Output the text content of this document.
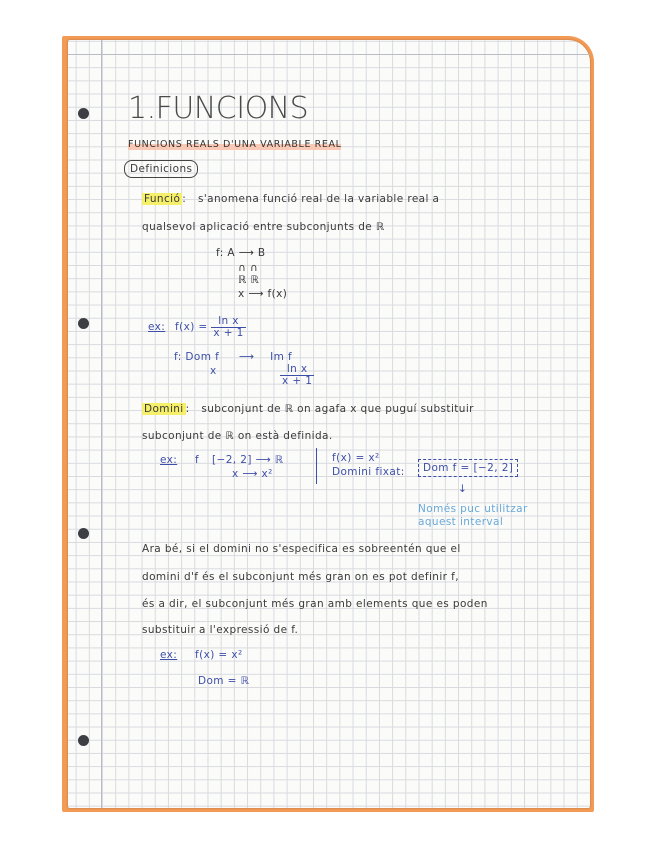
1.FUNCIONS
FUNCIONS REALS D'UNA VARIABLE REAL
Definicions
Funció : s'anomena funció real de la variable real a
qualsevol aplicació entre subconjunts de ℝ
f: A ⟶ B
∩ ∩
ℝ ℝ
x ⟶ f(x)
ex: $f(x) = \frac{\text{ln x}}{x + 1}$
f: Dom f ⟶ Im f
x	$\frac{\text{ln x}}{x + 1}$
Domini : subconjunt de ℝ on agafa x que puguí substituir
subconjunt de ℝ on està definida.
ex: f [−2, 2] ⟶ ℝ
x ⟶ x²
f(x) = x²
Domini fixat:	Dom f = [−2, 2]
↓
Només puc utilitzar
aquest interval
Ara bé, si el domini no s'especifica es sobreentén que el
domini d'f és el subconjunt més gran on es pot definir f,
és a dir, el subconjunt més gran amb elements que es poden
substituir a l'expressió de f.
ex: f(x) = x²
Dom = ℝ
